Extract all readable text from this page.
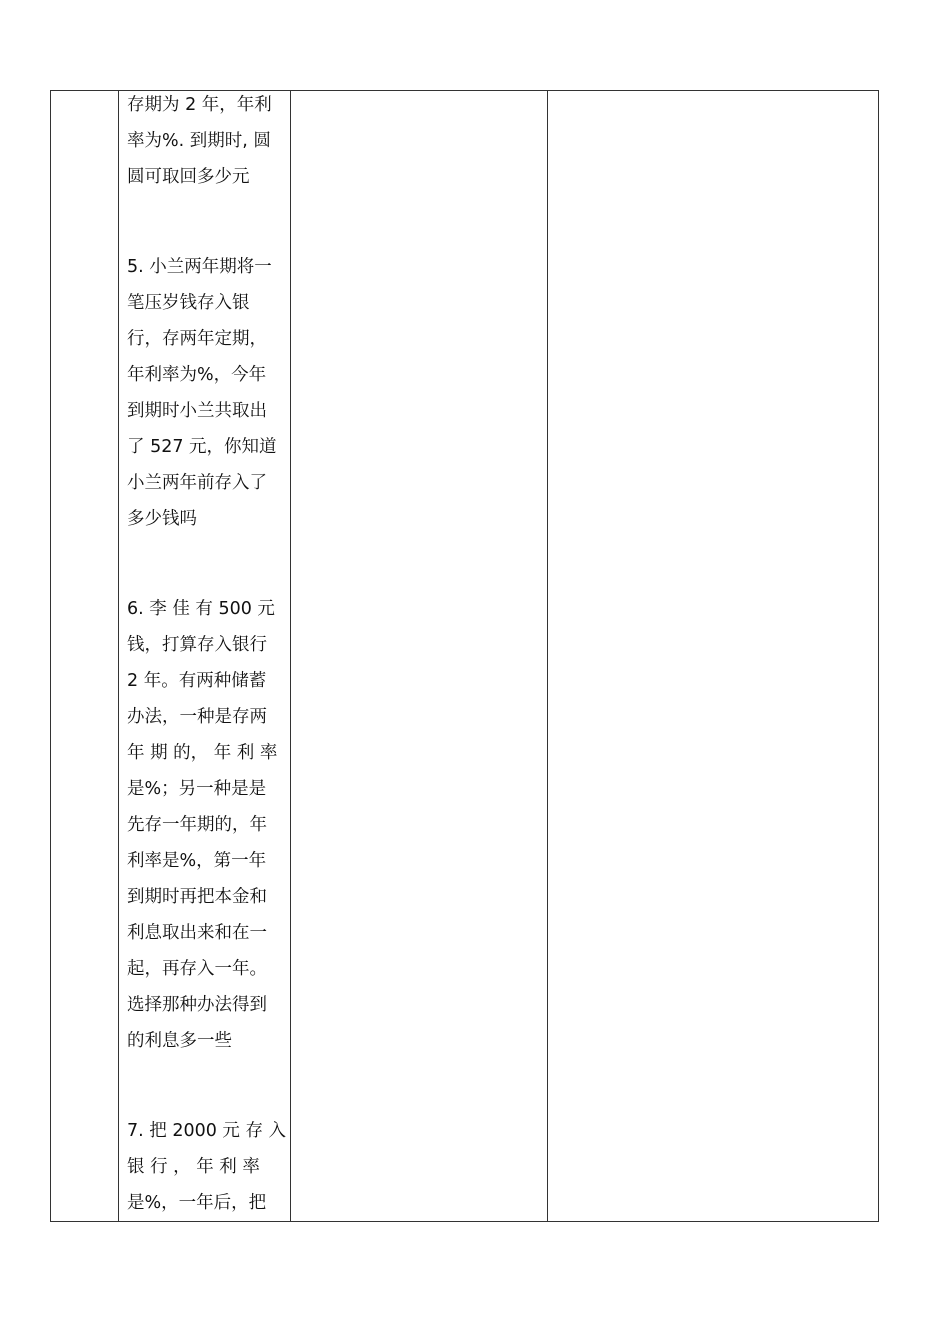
存期为 2 年，年利
率为%. 到期时, 圆
圆可取回多少元
5. 小兰两年期将一
笔压岁钱存入银
行，存两年定期，
年利率为%，今年
到期时小兰共取出
了 527 元，你知道
小兰两年前存入了
多少钱吗
6. 李 佳 有 500 元
钱，打算存入银行
2 年。有两种储蓄
办法，一种是存两
年 期 的， 年 利 率
是%；另一种是是
先存一年期的，年
利率是%，第一年
到期时再把本金和
利息取出来和在一
起，再存入一年。
选择那种办法得到
的利息多一些
7. 把 2000 元 存 入
银 行 ， 年 利 率
是%，一年后，把
